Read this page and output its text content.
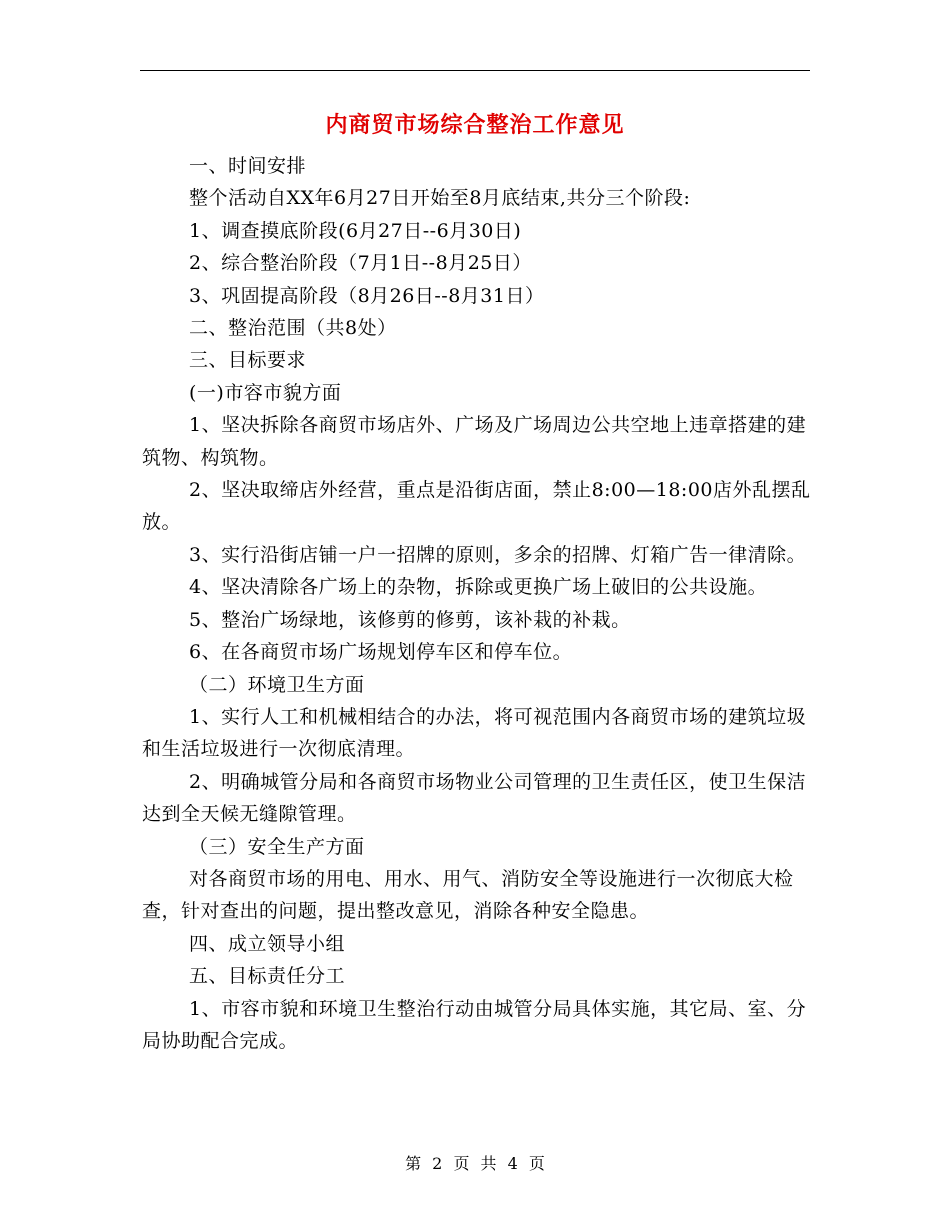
内商贸市场综合整治工作意见

一、时间安排

整个活动自XX年6月27日开始至8月底结束,共分三个阶段:

1、调查摸底阶段(6月27日--6月30日)

2、综合整治阶段（7月1日--8月25日）

3、巩固提高阶段（8月26日--8月31日）

二、整治范围（共8处）

三、目标要求

(一)市容市貌方面

1、坚决拆除各商贸市场店外、广场及广场周边公共空地上违章搭建的建筑物、构筑物。

2、坚决取缔店外经营，重点是沿街店面，禁止8:00—18:00店外乱摆乱放。

3、实行沿街店铺一户一招牌的原则，多余的招牌、灯箱广告一律清除。

4、坚决清除各广场上的杂物，拆除或更换广场上破旧的公共设施。

5、整治广场绿地，该修剪的修剪，该补栽的补栽。

6、在各商贸市场广场规划停车区和停车位。

（二）环境卫生方面

1、实行人工和机械相结合的办法，将可视范围内各商贸市场的建筑垃圾和生活垃圾进行一次彻底清理。

2、明确城管分局和各商贸市场物业公司管理的卫生责任区，使卫生保洁达到全天候无缝隙管理。

（三）安全生产方面

对各商贸市场的用电、用水、用气、消防安全等设施进行一次彻底大检查，针对查出的问题，提出整改意见，消除各种安全隐患。

四、成立领导小组

五、目标责任分工

1、市容市貌和环境卫生整治行动由城管分局具体实施，其它局、室、分局协助配合完成。

第 2 页 共 4 页
